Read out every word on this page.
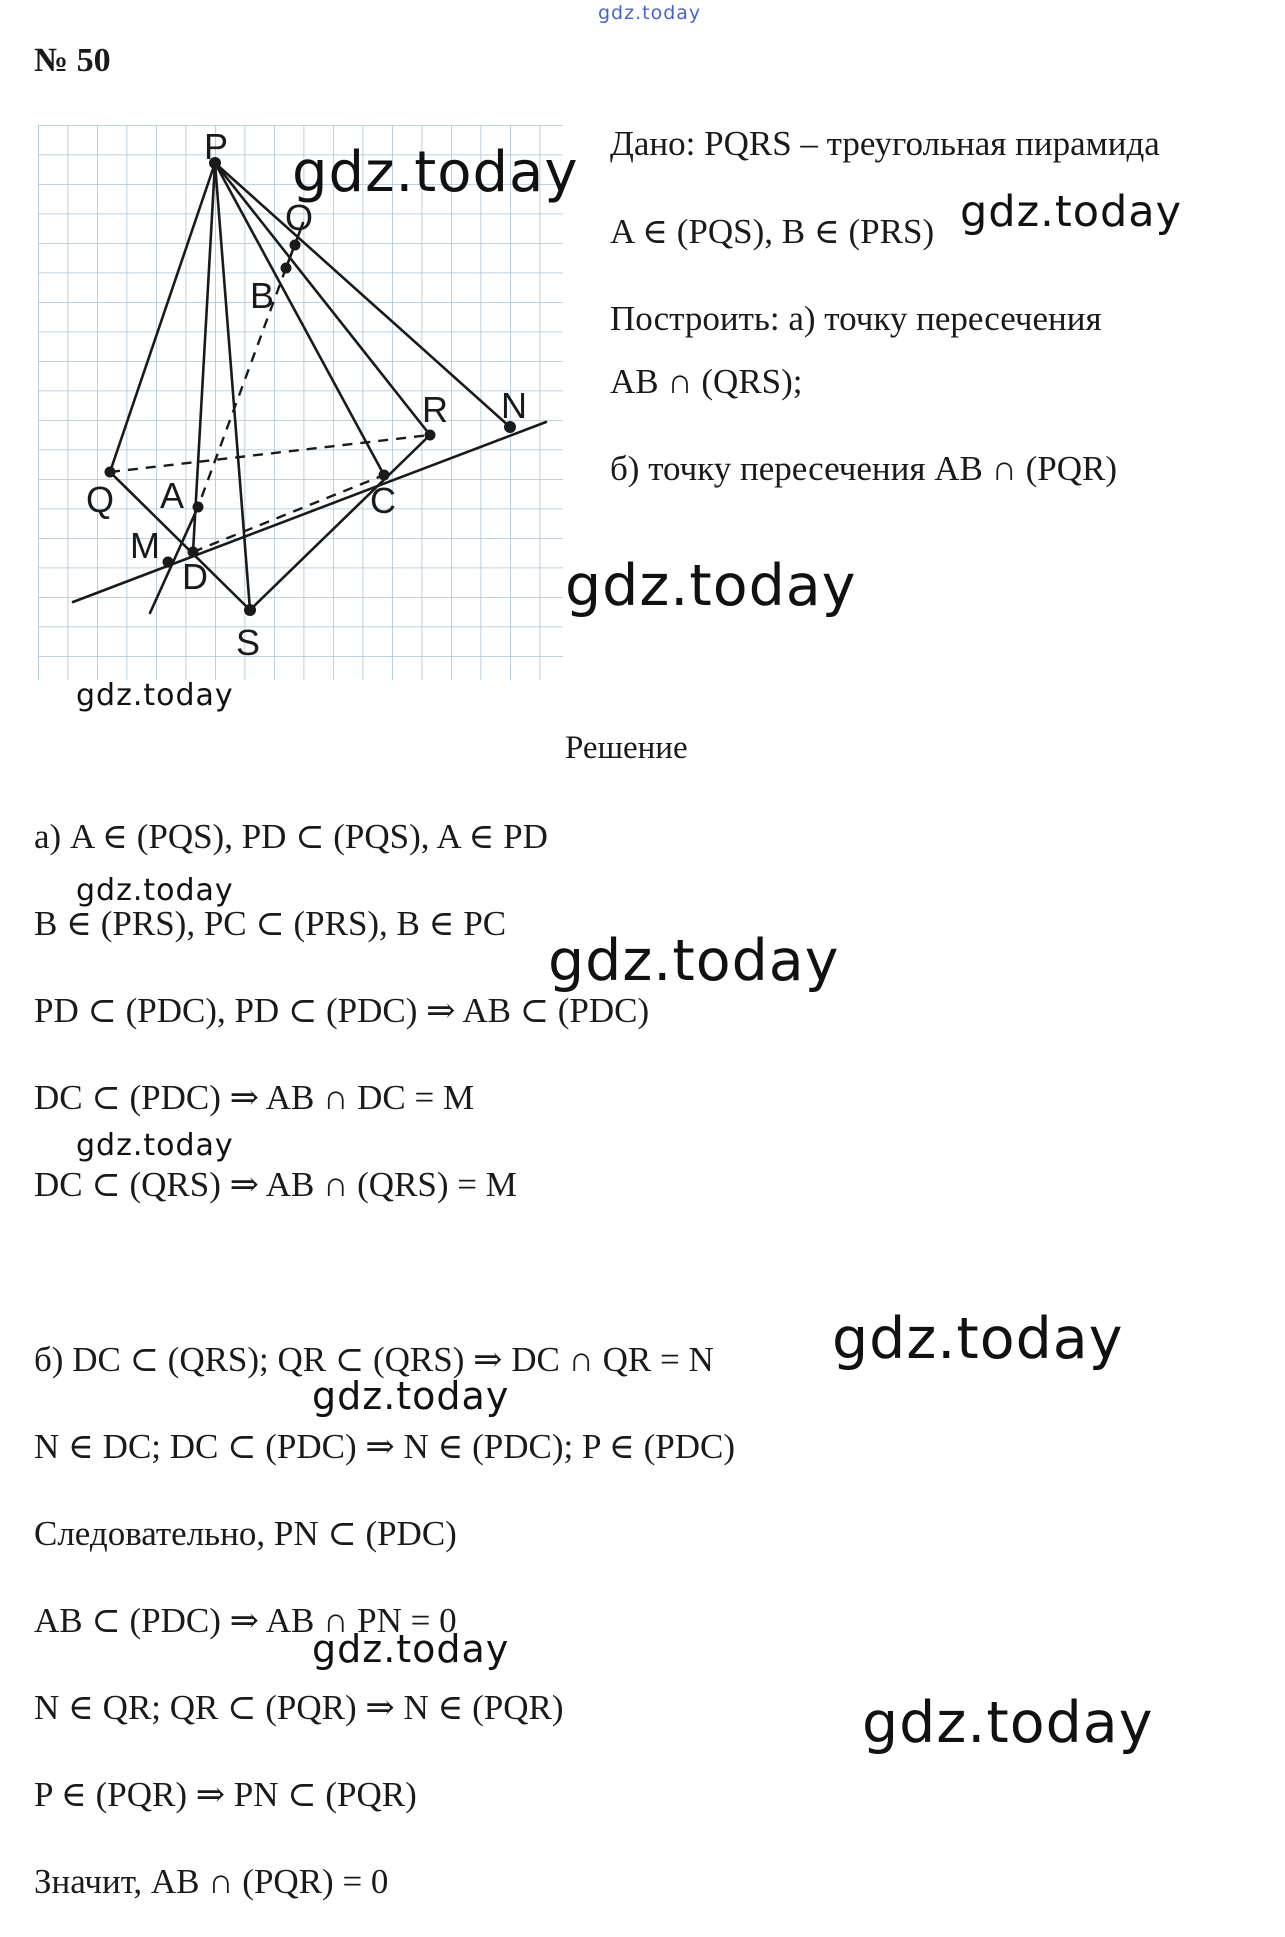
gdz.today
№ 50
P
O
B
R N
Q A	C
M
D
S
Дано: PQRS – треугольная пирамида
A ∈ (PQS), B ∈ (PRS)
Построить: а) точку пересечения
AB ∩ (QRS);
б) точку пересечения AB ∩ (PQR)
Решение
а) A ∈ (PQS), PD ⊂ (PQS), A ∈ PD
B ∈ (PRS), PC ⊂ (PRS), B ∈ PC
PD ⊂ (PDC), PD ⊂ (PDC) ⇒ AB ⊂ (PDC)
DC ⊂ (PDC) ⇒ AB ∩ DC = M
DC ⊂ (QRS) ⇒ AB ∩ (QRS) = M
б) DC ⊂ (QRS); QR ⊂ (QRS) ⇒ DC ∩ QR = N
N ∈ DC; DC ⊂ (PDC) ⇒ N ∈ (PDC); P ∈ (PDC)
Следовательно, PN ⊂ (PDC)
AB ⊂ (PDC) ⇒ AB ∩ PN = 0
N ∈ QR; QR ⊂ (PQR) ⇒ N ∈ (PQR)
P ∈ (PQR) ⇒ PN ⊂ (PQR)
Значит, AB ∩ (PQR) = 0
gdz.today
gdz.today
gdz.today
gdz.today
gdz.today
gdz.today
gdz.today
gdz.today
gdz.today
gdz.today
gdz.today
